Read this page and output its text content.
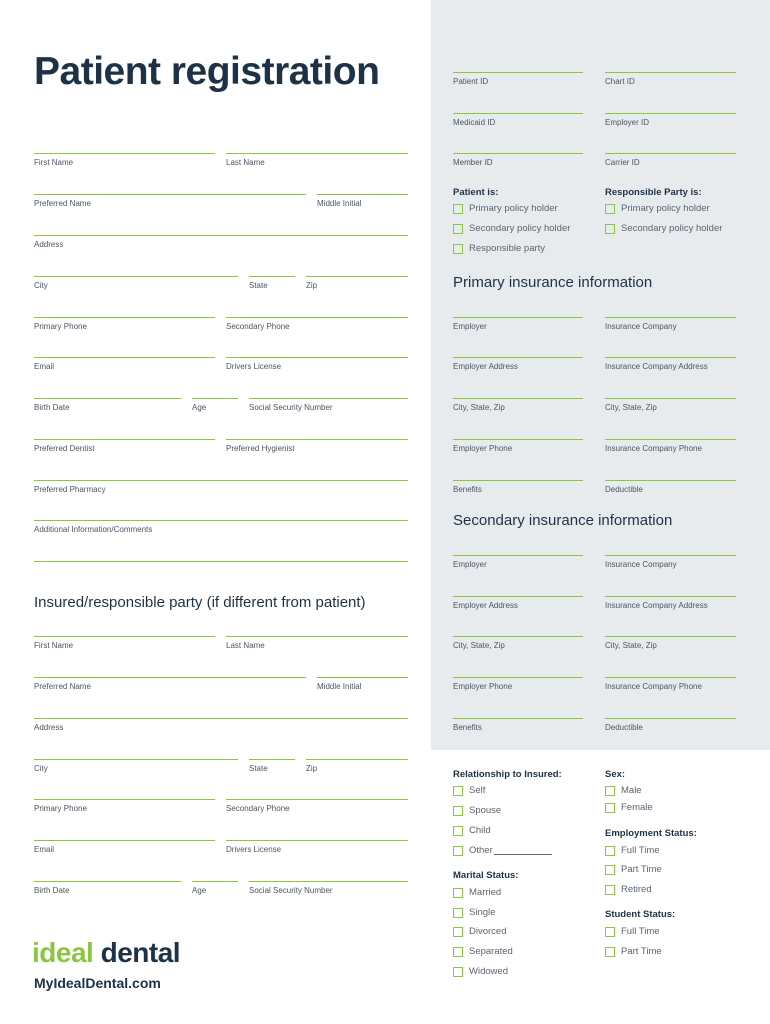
Patient registration
First Name	Last Name
Preferred Name	Middle Initial
Address
City	State	Zip
Primary Phone	Secondary Phone
Email	Drivers License
Birth Date	Age	Social Security Number
Preferred Dentist	Preferred Hygienist
Preferred Pharmacy
Additional Information/Comments
Insured/responsible party (if different from patient)
First Name	Last Name
Preferred Name	Middle Initial
Address
City	State	Zip
Primary Phone	Secondary Phone
Email	Drivers License
Birth Date	Age	Social Security Number
ideal dental
MyIdealDental.com
Patient ID	Chart ID
Medicaid ID	Employer ID
Member ID	Carrier ID
Patient is:
Primary policy holder
Secondary policy holder
Responsible party
Responsible Party is:
Primary policy holder
Secondary policy holder
Primary insurance information
Employer	Insurance Company
Employer Address	Insurance Company Address
City, State, Zip	City, State, Zip
Employer Phone	Insurance Company Phone
Benefits	Deductible
Secondary insurance information
Employer	Insurance Company
Employer Address	Insurance Company Address
City, State, Zip	City, State, Zip
Employer Phone	Insurance Company Phone
Benefits	Deductible
Relationship to Insured:
Self
Spouse
Child
Other
Marital Status:
Married
Single
Divorced
Separated
Widowed
Sex:
Male
Female
Employment Status:
Full Time
Part Time
Retired
Student Status:
Full Time
Part Time
